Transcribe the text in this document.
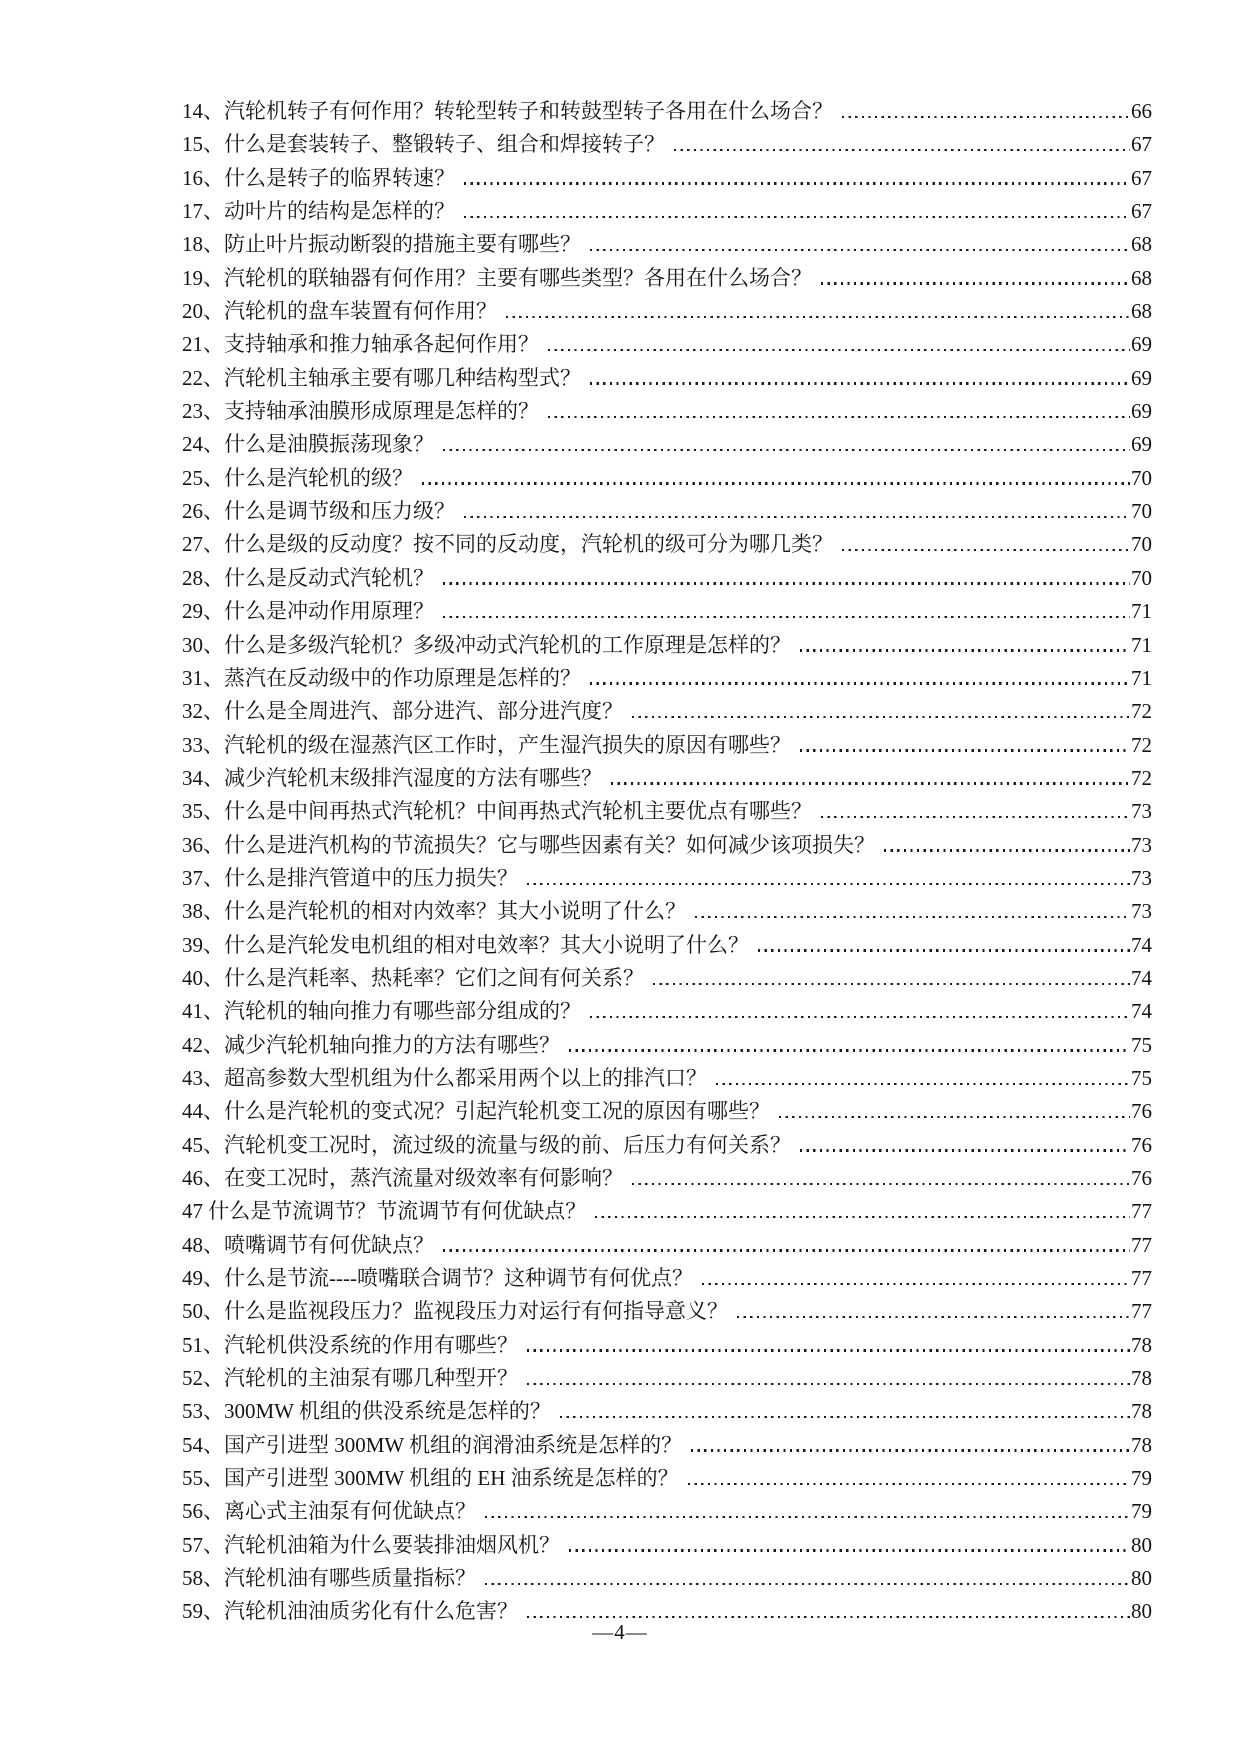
14、 汽轮机转子有何作用？转轮型转子和转鼓型转子各用在什么场合？	66
15、 什么是套装转子、整锻转子、组合和焊接转子？	67
16、 什么是转子的临界转速？	67
17、 动叶片的结构是怎样的？	67
18、 防止叶片振动断裂的措施主要有哪些？	68
19、 汽轮机的联轴器有何作用？主要有哪些类型？各用在什么场合？	68
20、 汽轮机的盘车装置有何作用？	68
21、 支持轴承和推力轴承各起何作用？	69
22、 汽轮机主轴承主要有哪几种结构型式？	69
23、 支持轴承油膜形成原理是怎样的？	69
24、 什么是油膜振荡现象？	69
25、 什么是汽轮机的级？	70
26、 什么是调节级和压力级？	70
27、 什么是级的反动度？按不同的反动度，汽轮机的级可分为哪几类？	70
28、 什么是反动式汽轮机？	70
29、 什么是冲动作用原理？	71
30、 什么是多级汽轮机？多级冲动式汽轮机的工作原理是怎样的？	71
31、 蒸汽在反动级中的作功原理是怎样的？	71
32、 什么是全周进汽、部分进汽、部分进汽度？	72
33、 汽轮机的级在湿蒸汽区工作时，产生湿汽损失的原因有哪些？	72
34、 减少汽轮机末级排汽湿度的方法有哪些？	72
35、 什么是中间再热式汽轮机？中间再热式汽轮机主要优点有哪些？	73
36、 什么是进汽机构的节流损失？它与哪些因素有关？如何减少该项损失？	73
37、 什么是排汽管道中的压力损失？	73
38、 什么是汽轮机的相对内效率？其大小说明了什么？	73
39、 什么是汽轮发电机组的相对电效率？其大小说明了什么？	74
40、 什么是汽耗率、热耗率？它们之间有何关系？	74
41、 汽轮机的轴向推力有哪些部分组成的？	74
42、 减少汽轮机轴向推力的方法有哪些？	75
43、 超高参数大型机组为什么都采用两个以上的排汽口？	75
44、 什么是汽轮机的变式况？引起汽轮机变工况的原因有哪些？	76
45、 汽轮机变工况时，流过级的流量与级的前、后压力有何关系？	76
46、 在变工况时，蒸汽流量对级效率有何影响？	76
47 什么是节流调节？节流调节有何优缺点？	77
48、 喷嘴调节有何优缺点？	77
49、 什么是节流----喷嘴联合调节？这种调节有何优点？	77
50、 什么是监视段压力？监视段压力对运行有何指导意义？	77
51、 汽轮机供没系统的作用有哪些？	78
52、 汽轮机的主油泵有哪几种型开？	78
53、 300MW 机组的供没系统是怎样的？	78
54、 国产引进型 300MW 机组的润滑油系统是怎样的？	78
55、 国产引进型 300MW 机组的 EH 油系统是怎样的？	79
56、 离心式主油泵有何优缺点？	79
57、 汽轮机油箱为什么要装排油烟风机？	80
58、 汽轮机油有哪些质量指标？	80
59、 汽轮机油油质劣化有什么危害？	80
—4—
